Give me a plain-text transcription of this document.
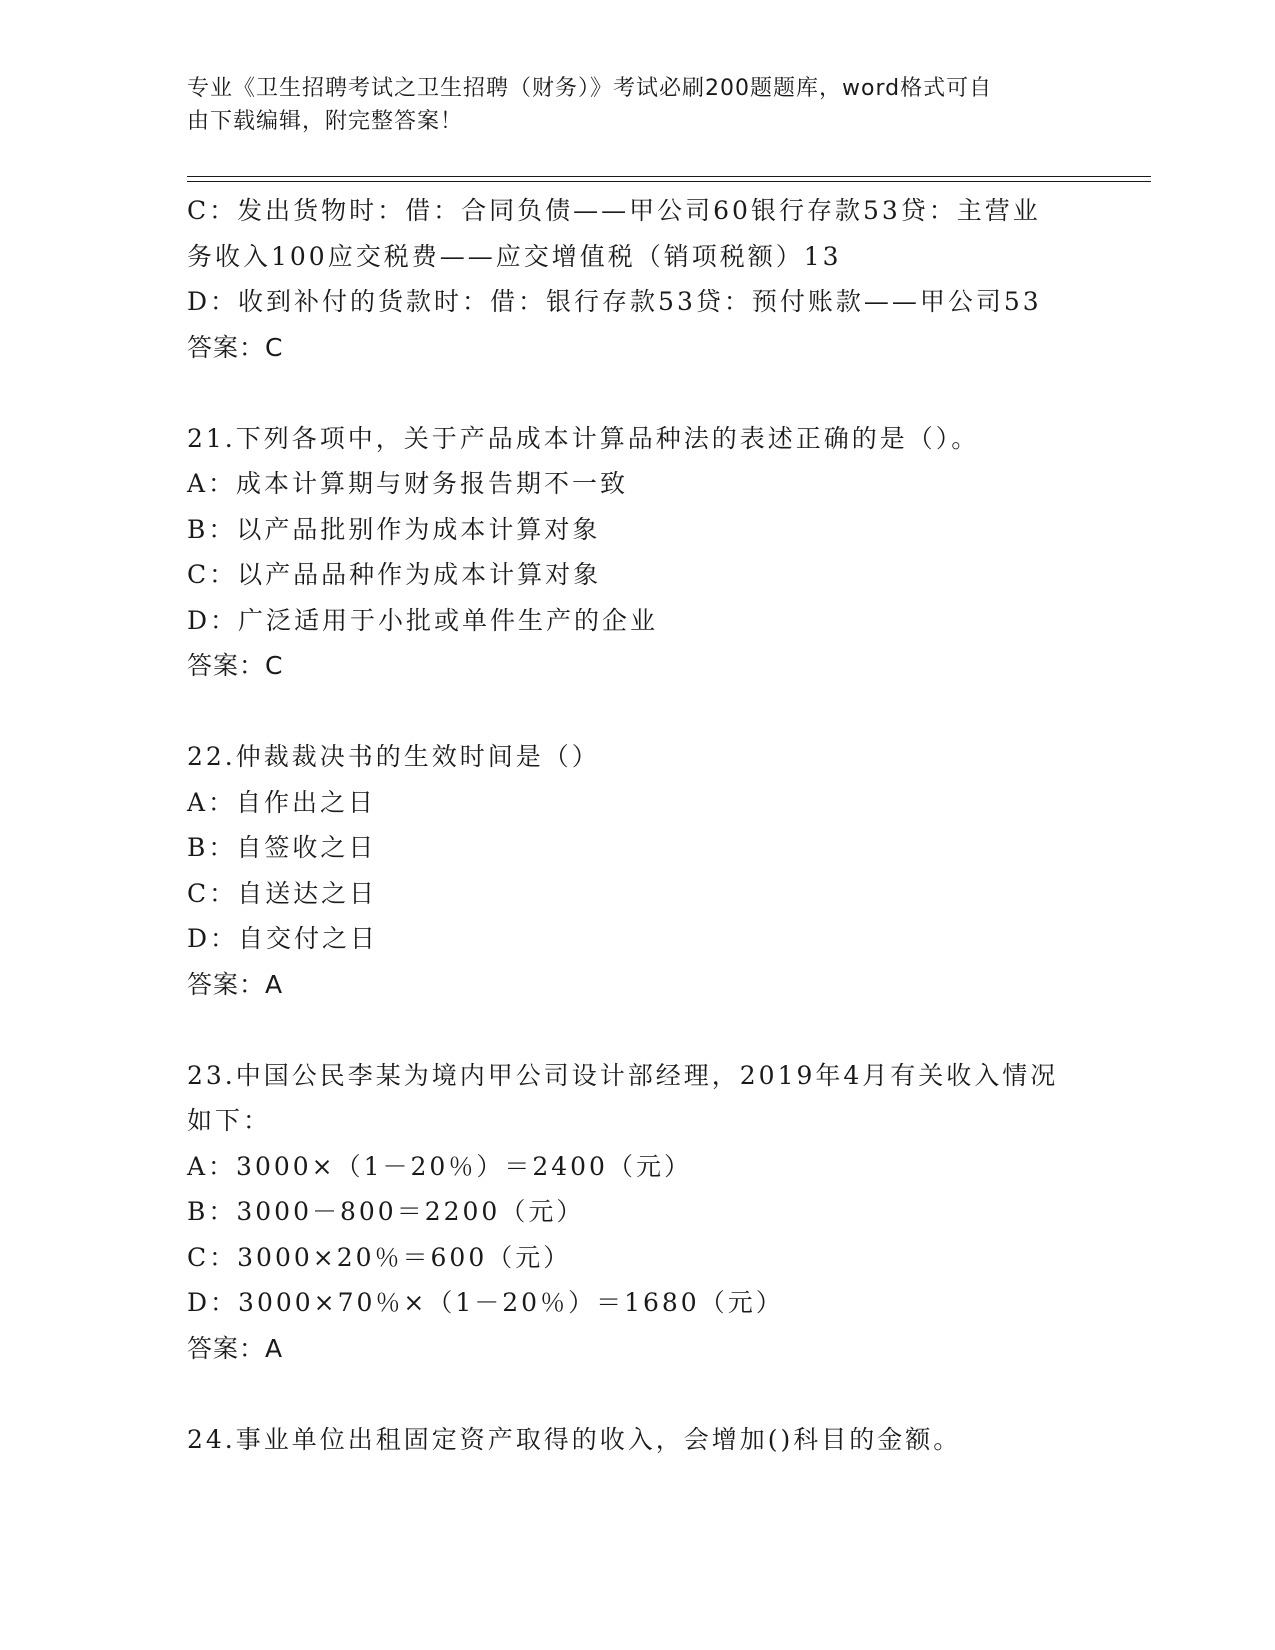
专业《卫生招聘考试之卫生招聘（财务）》考试必刷200题题库，word格式可自
由下载编辑，附完整答案！
C：发出货物时：借：合同负债——甲公司60银行存款53贷：主营业
务收入100应交税费——应交增值税（销项税额）13
D：收到补付的货款时：借：银行存款53贷：预付账款——甲公司53
答案：C
21.下列各项中，关于产品成本计算品种法的表述正确的是（）。
A：成本计算期与财务报告期不一致
B：以产品批别作为成本计算对象
C：以产品品种作为成本计算对象
D：广泛适用于小批或单件生产的企业
答案：C
22.仲裁裁决书的生效时间是（）
A：自作出之日
B：自签收之日
C：自送达之日
D：自交付之日
答案：A
23.中国公民李某为境内甲公司设计部经理，2019年4月有关收入情况
如下：
A：3000×（1－20％）＝2400（元）
B：3000－800＝2200（元）
C：3000×20％＝600（元）
D：3000×70％×（1－20％）＝1680（元）
答案：A
24.事业单位出租固定资产取得的收入，会增加()科目的金额。
